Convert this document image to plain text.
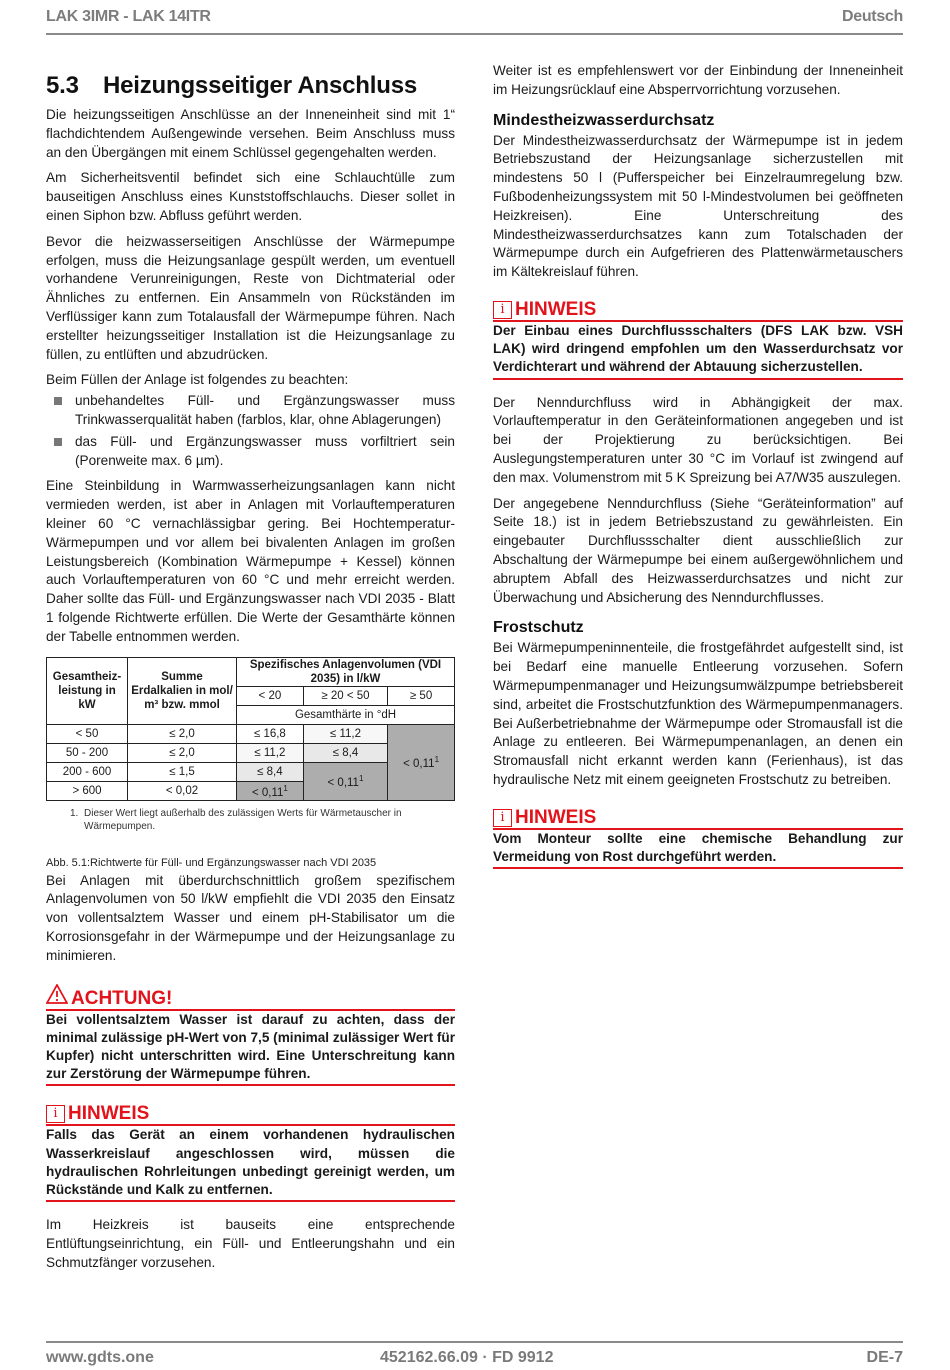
LAK 3IMR - LAK 14ITR	Deutsch
5.3 Heizungsseitiger Anschluss

Die heizungsseitigen Anschlüsse an der Inneneinheit sind mit 1“ flachdichtendem Außengewinde versehen. Beim Anschluss muss an den Übergängen mit einem Schlüssel gegengehalten werden.

Am Sicherheitsventil befindet sich eine Schlauchtülle zum bauseitigen Anschluss eines Kunststoffschlauchs. Dieser sollet in einen Siphon bzw. Abfluss geführt werden.

Bevor die heizwasserseitigen Anschlüsse der Wärmepumpe erfolgen, muss die Heizungsanlage gespült werden, um eventuell vorhandene Verunreinigungen, Reste von Dichtmaterial oder Ähnliches zu entfernen. Ein Ansammeln von Rückständen im Verflüssiger kann zum Totalausfall der Wärmepumpe führen. Nach erstellter heizungsseitiger Installation ist die Heizungsanlage zu füllen, zu entlüften und abzudrücken.

Beim Füllen der Anlage ist folgendes zu beachten:

unbehandeltes Füll- und Ergänzungswasser muss Trinkwasserqualität haben (farblos, klar, ohne Ablagerungen)
das Füll- und Ergänzungswasser muss vorfiltriert sein (Porenweite max. 6 µm).

Eine Steinbildung in Warmwasserheizungsanlagen kann nicht vermieden werden, ist aber in Anlagen mit Vorlauftemperaturen kleiner 60 °C vernachlässigbar gering. Bei Hochtemperatur-Wärmepumpen und vor allem bei bivalenten Anlagen im großen Leistungsbereich (Kombination Wärmepumpe + Kessel) können auch Vorlauftemperaturen von 60 °C und mehr erreicht werden. Daher sollte das Füll- und Ergänzungswasser nach VDI 2035 - Blatt 1 folgende Richtwerte erfüllen. Die Werte der Gesamthärte können der Tabelle entnommen werden.

Gesamtheiz-leistung in kW	Summe Erdalkalien in mol/ m³ bzw. mmol	Spezifisches Anlagenvolumen (VDI 2035) in l/kW		
		< 20	≥ 20 < 50	≥ 50
		Gesamthärte in °dH		
< 50	≤ 2,0	≤ 16,8	≤ 11,2	< $0,11^1$
50 - 200	≤ 2,0	≤ 11,2	≤ 8,4	
200 - 600	≤ 1,5	≤ 8,4	< $0,11^1$
> 600	< 0,02	< $0,11^1$
1. Dieser Wert liegt außerhalb des zulässigen Werts für Wärmetauscher in Wärmepumpen.
Abb. 5.1:Richtwerte für Füll- und Ergänzungswasser nach VDI 2035

Bei Anlagen mit überdurchschnittlich großem spezifischem Anlagenvolumen von 50 l/kW empfiehlt die VDI 2035 den Einsatz von vollentsalztem Wasser und einem pH-Stabilisator um die Korrosionsgefahr in der Wärmepumpe und der Heizungsanlage zu minimieren.

ACHTUNG!
Bei vollentsalztem Wasser ist darauf zu achten, dass der minimal zulässige pH-Wert von 7,5 (minimal zulässiger Wert für Kupfer) nicht unterschritten wird. Eine Unterschreitung kann zur Zerstörung der Wärmepumpe führen.
i HINWEIS
Falls das Gerät an einem vorhandenen hydraulischen Wasserkreislauf angeschlossen wird, müssen die hydraulischen Rohrleitungen unbedingt gereinigt werden, um Rückstände und Kalk zu entfernen.

Im Heizkreis ist bauseits eine entsprechende Entlüftungseinrichtung, ein Füll- und Entleerungshahn und ein Schmutzfänger vorzusehen.

Weiter ist es empfehlenswert vor der Einbindung der Inneneinheit im Heizungsrücklauf eine Absperrvorrichtung vorzusehen.

Mindestheizwasserdurchsatz

Der Mindestheizwasserdurchsatz der Wärmepumpe ist in jedem Betriebszustand der Heizungsanlage sicherzustellen mit mindestens 50 l (Pufferspeicher bei Einzelraumregelung bzw. Fußbodenheizungssystem mit 50 l-Mindestvolumen bei geöffneten Heizkreisen). Eine Unterschreitung des Mindestheizwasserdurchsatzes kann zum Totalschaden der Wärmepumpe durch ein Aufgefrieren des Plattenwärmetauschers im Kältekreislauf führen.

i HINWEIS
Der Einbau eines Durchflussschalters (DFS LAK bzw. VSH LAK) wird dringend empfohlen um den Wasserdurchsatz vor Verdichterart und während der Abtauung sicherzustellen.

Der Nenndurchfluss wird in Abhängigkeit der max. Vorlauftemperatur in den Geräteinformationen angegeben und ist bei der Projektierung zu berücksichtigen. Bei Auslegungstemperaturen unter 30 °C im Vorlauf ist zwingend auf den max. Volumenstrom mit 5 K Spreizung bei A7/W35 auszulegen.

Der angegebene Nenndurchfluss (Siehe “Geräteinformation” auf Seite 18.) ist in jedem Betriebszustand zu gewährleisten. Ein eingebauter Durchflussschalter dient ausschließlich zur Abschaltung der Wärmepumpe bei einem außergewöhnlichem und abruptem Abfall des Heizwasserdurchsatzes und nicht zur Überwachung und Absicherung des Nenndurchflusses.

Frostschutz

Bei Wärmepumpeninnenteile, die frostgefährdet aufgestellt sind, ist bei Bedarf eine manuelle Entleerung vorzusehen. Sofern Wärmepumpenmanager und Heizungsumwälzpumpe betriebsbereit sind, arbeitet die Frostschutzfunktion des Wärmepumpenmanagers. Bei Außerbetriebnahme der Wärmepumpe oder Stromausfall ist die Anlage zu entleeren. Bei Wärmepumpenanlagen, an denen ein Stromausfall nicht erkannt werden kann (Ferienhaus), ist das hydraulische Netz mit einem geeigneten Frostschutz zu betreiben.

i HINWEIS
Vom Monteur sollte eine chemische Behandlung zur Vermeidung von Rost durchgeführt werden.
www.gdts.one	452162.66.09 · FD 9912	DE-7
